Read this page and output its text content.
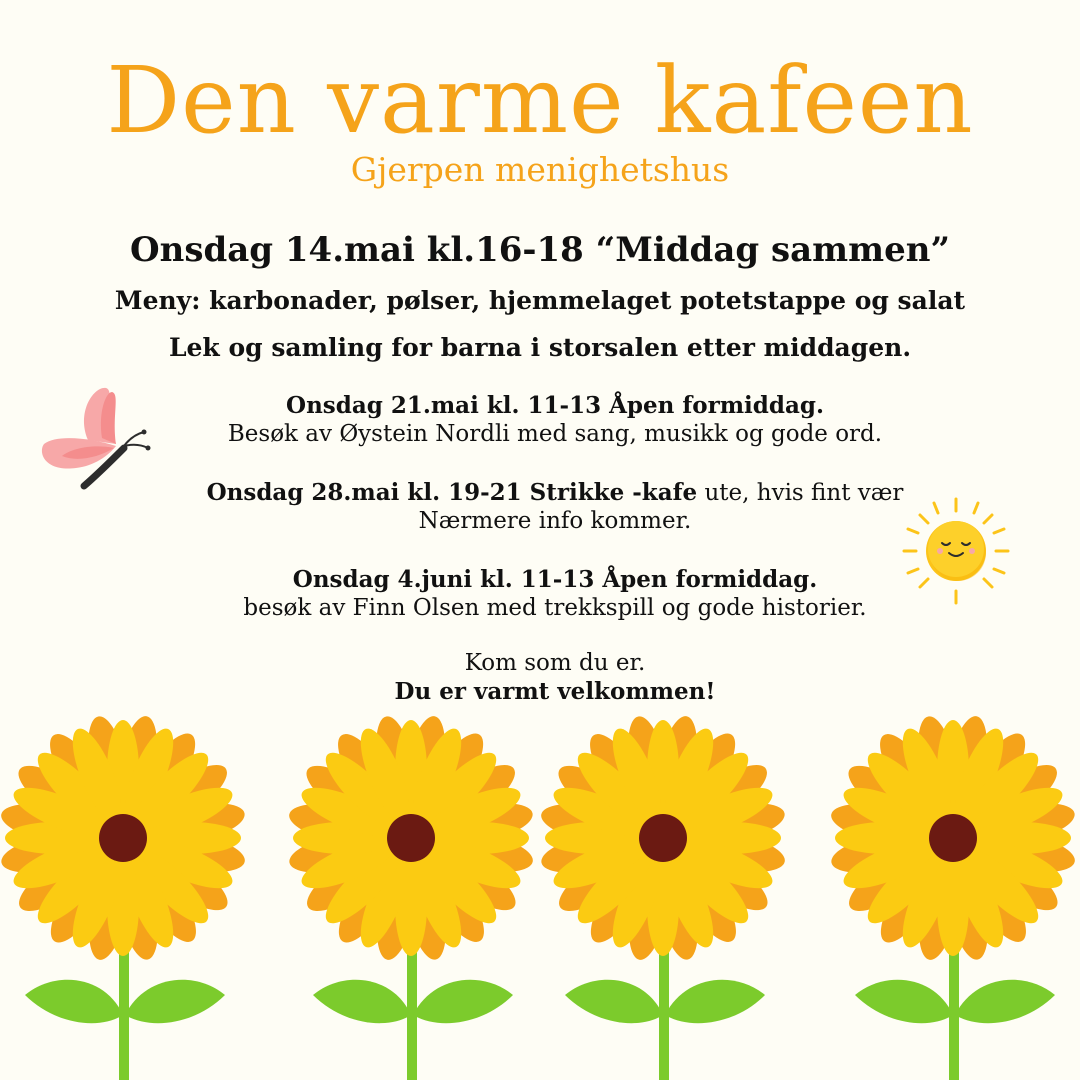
Den varme kafeen
Gjerpen menighetshus
Onsdag 14.mai kl.16-18 “Middag sammen”
Meny: karbonader, pølser, hjemmelaget potetstappe og salat
Lek og samling for barna i storsalen etter middagen.
Onsdag 21.mai kl. 11-13 Åpen formiddag.
Besøk av Øystein Nordli med sang, musikk og gode ord.
Onsdag 28.mai kl. 19-21 Strikke -kafe ute, hvis fint vær
Nærmere info kommer.
Onsdag 4.juni kl. 11-13 Åpen formiddag.
besøk av Finn Olsen med trekkspill og gode historier.
Kom som du er.
Du er varmt velkommen!
